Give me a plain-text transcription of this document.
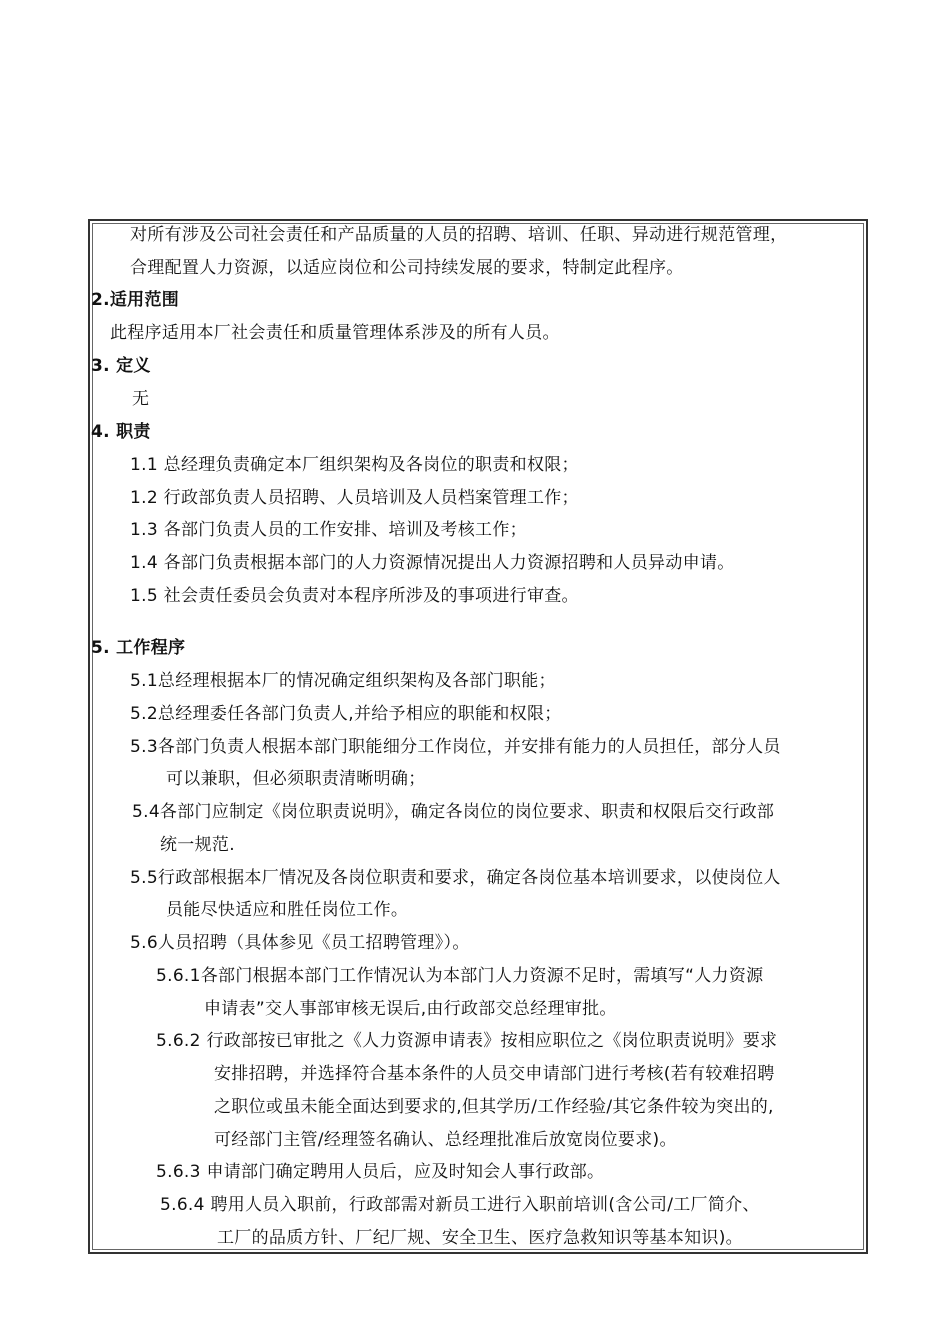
对所有涉及公司社会责任和产品质量的人员的招聘、培训、任职、异动进行规范管理，
合理配置人力资源，以适应岗位和公司持续发展的要求，特制定此程序。
2.适用范围
此程序适用本厂社会责任和质量管理体系涉及的所有人员。
3. 定义
无
4. 职责
1.1 总经理负责确定本厂组织架构及各岗位的职责和权限；
1.2 行政部负责人员招聘、人员培训及人员档案管理工作；
1.3 各部门负责人员的工作安排、培训及考核工作；
1.4 各部门负责根据本部门的人力资源情况提出人力资源招聘和人员异动申请。
1.5 社会责任委员会负责对本程序所涉及的事项进行审查。
5. 工作程序
5.1总经理根据本厂的情况确定组织架构及各部门职能；
5.2总经理委任各部门负责人,并给予相应的职能和权限；
5.3各部门负责人根据本部门职能细分工作岗位，并安排有能力的人员担任，部分人员
可以兼职，但必须职责清晰明确；
5.4各部门应制定《岗位职责说明》，确定各岗位的岗位要求、职责和权限后交行政部
统一规范.
5.5行政部根据本厂情况及各岗位职责和要求，确定各岗位基本培训要求，以使岗位人
员能尽快适应和胜任岗位工作。
5.6人员招聘（具体参见《员工招聘管理》）。
5.6.1各部门根据本部门工作情况认为本部门人力资源不足时，需填写“人力资源
申请表”交人事部审核无误后,由行政部交总经理审批。
5.6.2 行政部按已审批之《人力资源申请表》按相应职位之《岗位职责说明》要求
安排招聘，并选择符合基本条件的人员交申请部门进行考核(若有较难招聘
之职位或虽未能全面达到要求的,但其学历/工作经验/其它条件较为突出的,
可经部门主管/经理签名确认、总经理批准后放宽岗位要求)。
5.6.3 申请部门确定聘用人员后，应及时知会人事行政部。
5.6.4 聘用人员入职前，行政部需对新员工进行入职前培训(含公司/工厂简介、
工厂的品质方针、厂纪厂规、安全卫生、医疗急救知识等基本知识)。
